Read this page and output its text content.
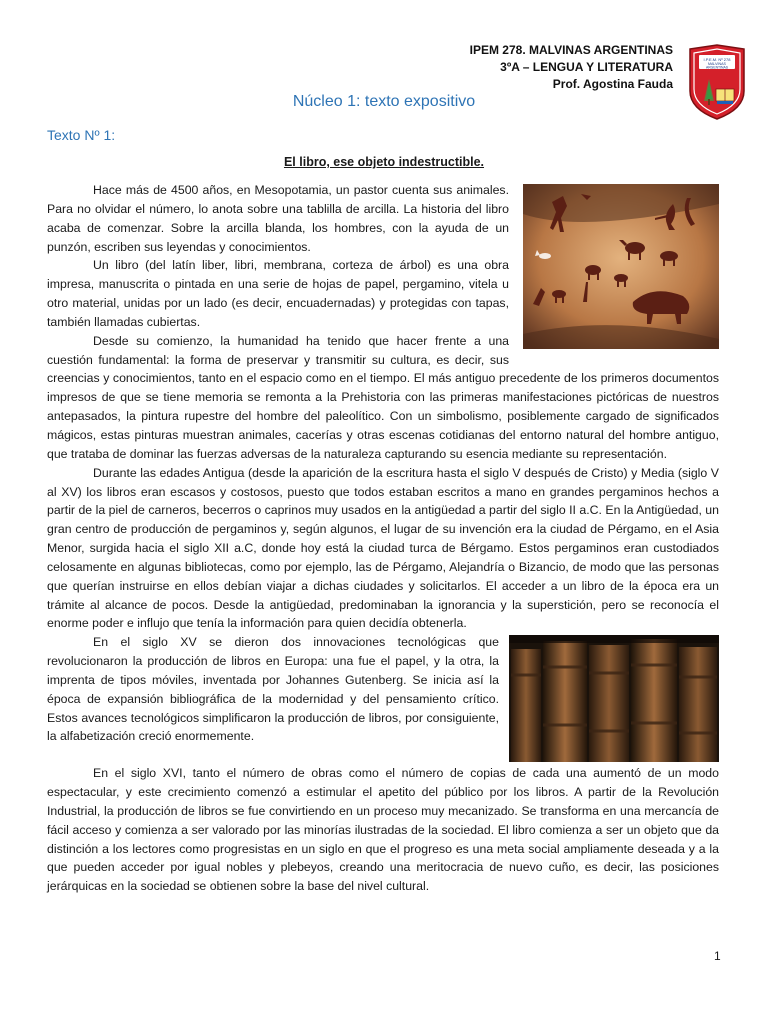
IPEM 278. MALVINAS ARGENTINAS
3ºA – LENGUA Y LITERATURA
Prof. Agostina Fauda
I.P.E.M. Nº 278
MALVINAS
ARGENTINAS
Núcleo 1: texto expositivo
Texto Nº 1:
El libro, ese objeto indestructible.

Hace más de 4500 años, en Mesopotamia, un pastor cuenta sus animales. Para no olvidar el número, lo anota sobre una tablilla de arcilla. La historia del libro acaba de comenzar. Sobre la arcilla blanda, los hombres, con la ayuda de un punzón, escriben sus leyendas y conocimientos.

Un libro (del latín liber, libri, membrana, corteza de árbol) es una obra impresa, manuscrita o pintada en una serie de hojas de papel, pergamino, vitela u otro material, unidas por un lado (es decir, encuadernadas) y protegidas con tapas, también llamadas cubiertas.

Desde su comienzo, la humanidad ha tenido que hacer frente a una cuestión fundamental: la forma de preservar y transmitir su cultura, es decir, sus creencias y conocimientos, tanto en el espacio como en el tiempo. El más antiguo precedente de los primeros documentos impresos de que se tiene memoria se remonta a la Prehistoria con las primeras manifestaciones pictóricas de nuestros antepasados, la pintura rupestre del hombre del paleolítico. Con un simbolismo, posiblemente cargado de significados mágicos, estas pinturas muestran animales, cacerías y otras escenas cotidianas del entorno natural del hombre antiguo, que trataba de dominar las fuerzas adversas de la naturaleza capturando su esencia mediante su representación.

Durante las edades Antigua (desde la aparición de la escritura hasta el siglo V después de Cristo) y Media (siglo V al XV) los libros eran escasos y costosos, puesto que todos estaban escritos a mano en grandes pergaminos hechos a partir de la piel de carneros, becerros o caprinos muy usados en la antigüedad a partir del siglo II a.C. En la Antigüedad, un gran centro de producción de pergaminos y, según algunos, el lugar de su invención era la ciudad de Pérgamo, en el Asia Menor, surgida hacia el siglo XII a.C, donde hoy está la ciudad turca de Bérgamo. Estos pergaminos eran custodiados celosamente en algunas bibliotecas, como por ejemplo, las de Pérgamo, Alejandría o Bizancio, de modo que las personas que querían instruirse en ellos debían viajar a dichas ciudades y solicitarlos. El acceder a un libro de la época era un trámite al alcance de pocos. Desde la antigüedad, predominaban la ignorancia y la superstición, pero se reconocía el enorme poder e influjo que tenía la información para quien decidía obtenerla.

En el siglo XV se dieron dos innovaciones tecnológicas que revolucionaron la producción de libros en Europa: una fue el papel, y la otra, la imprenta de tipos móviles, inventada por Johannes Gutenberg. Se inicia así la época de expansión bibliográfica de la modernidad y del pensamiento crítico. Estos avances tecnológicos simplificaron la producción de libros, por consiguiente, la alfabetización creció enormemente.

En el siglo XVI, tanto el número de obras como el número de copias de cada una aumentó de un modo espectacular, y este crecimiento comenzó a estimular el apetito del público por los libros. A partir de la Revolución Industrial, la producción de libros se fue convirtiendo en un proceso muy mecanizado. Se transforma en una mercancía de fácil acceso y comienza a ser valorado por las minorías ilustradas de la sociedad. El libro comienza a ser un objeto que da distinción a los lectores como progresistas en un siglo en que el progreso es una meta social ampliamente deseada y a la que pueden acceder por igual nobles y plebeyos, creando una meritocracia de nuevo cuño, es decir, las posiciones jerárquicas en la sociedad se obtienen sobre la base del nivel cultural.

1
